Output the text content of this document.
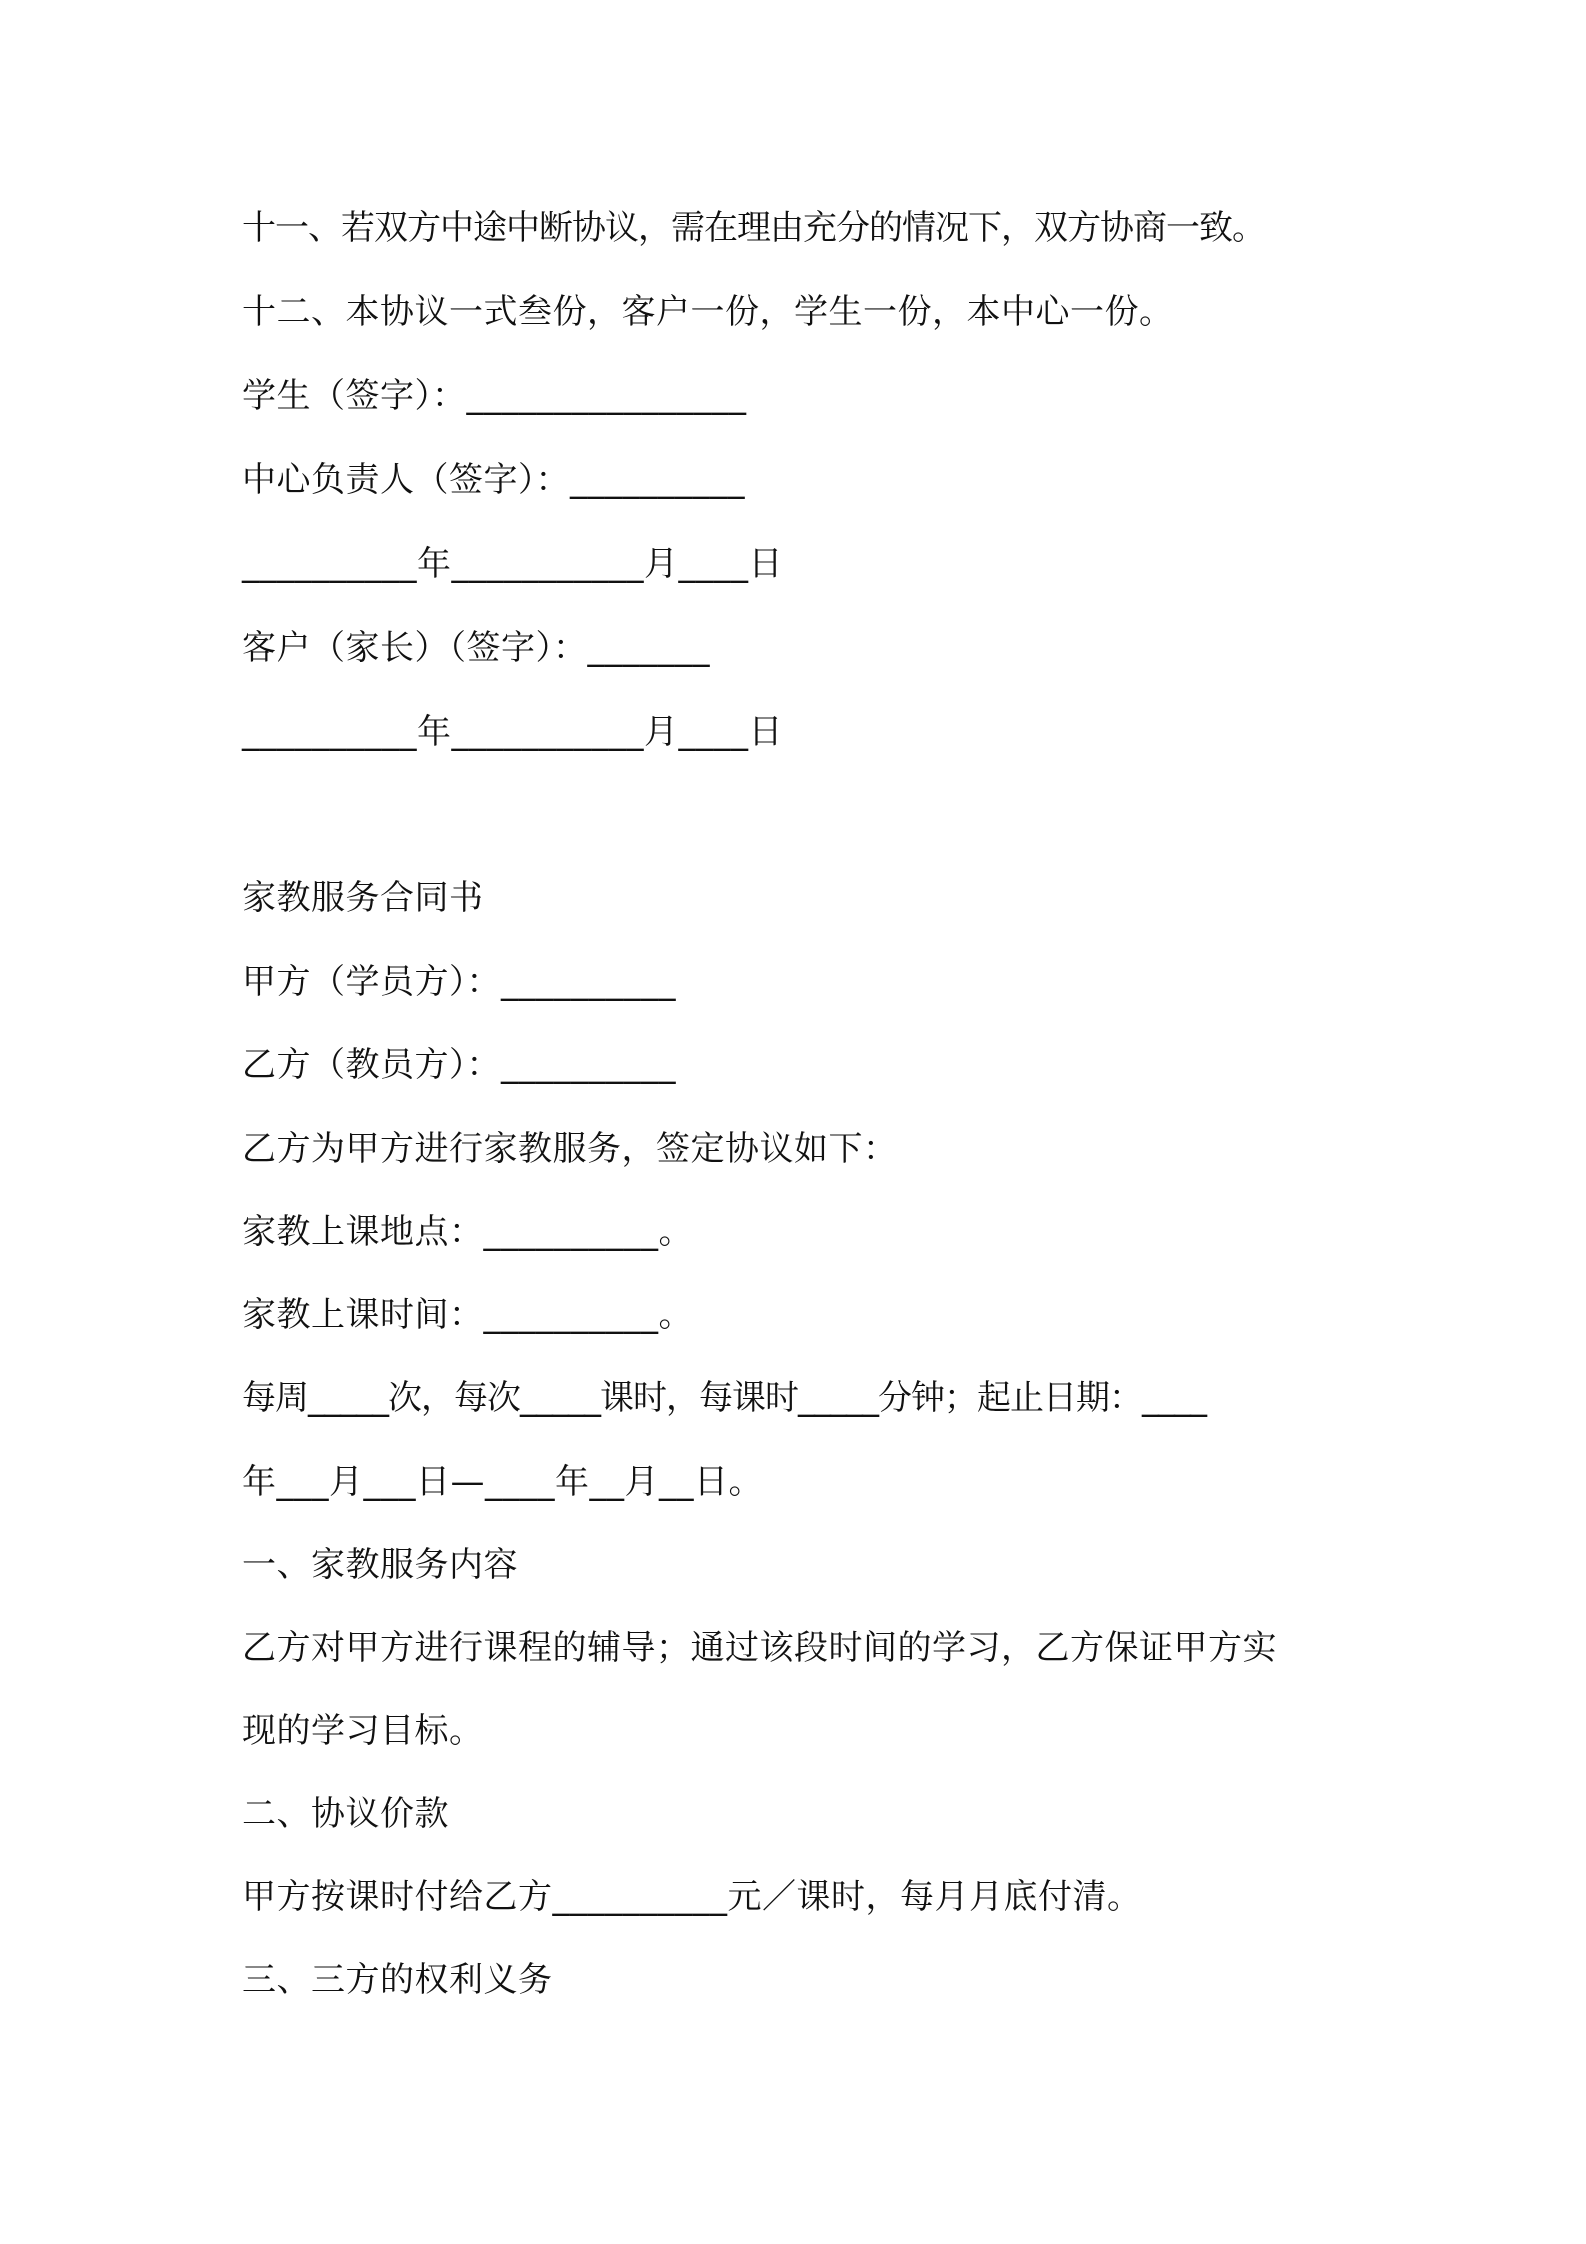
十一、若双方中途中断协议，需在理由充分的情况下，双方协商一致。
十二、本协议一式叁份，客户一份，学生一份，本中心一份。
学生（签字）：________________
中心负责人（签字）：__________
__________年___________月____日
客户（家长）（签字）：_______
__________年___________月____日
家教服务合同书
甲方（学员方）：__________
乙方（教员方）：__________
乙方为甲方进行家教服务，签定协议如下：
家教上课地点：__________。
家教上课时间：__________。
每周_____次，每次_____课时，每课时_____分钟；起止日期：____
年___月___日—____年__月__日。
一、家教服务内容
乙方对甲方进行课程的辅导；通过该段时间的学习，乙方保证甲方实
现的学习目标。
二、协议价款
甲方按课时付给乙方__________元／课时，每月月底付清。
三、三方的权利义务
